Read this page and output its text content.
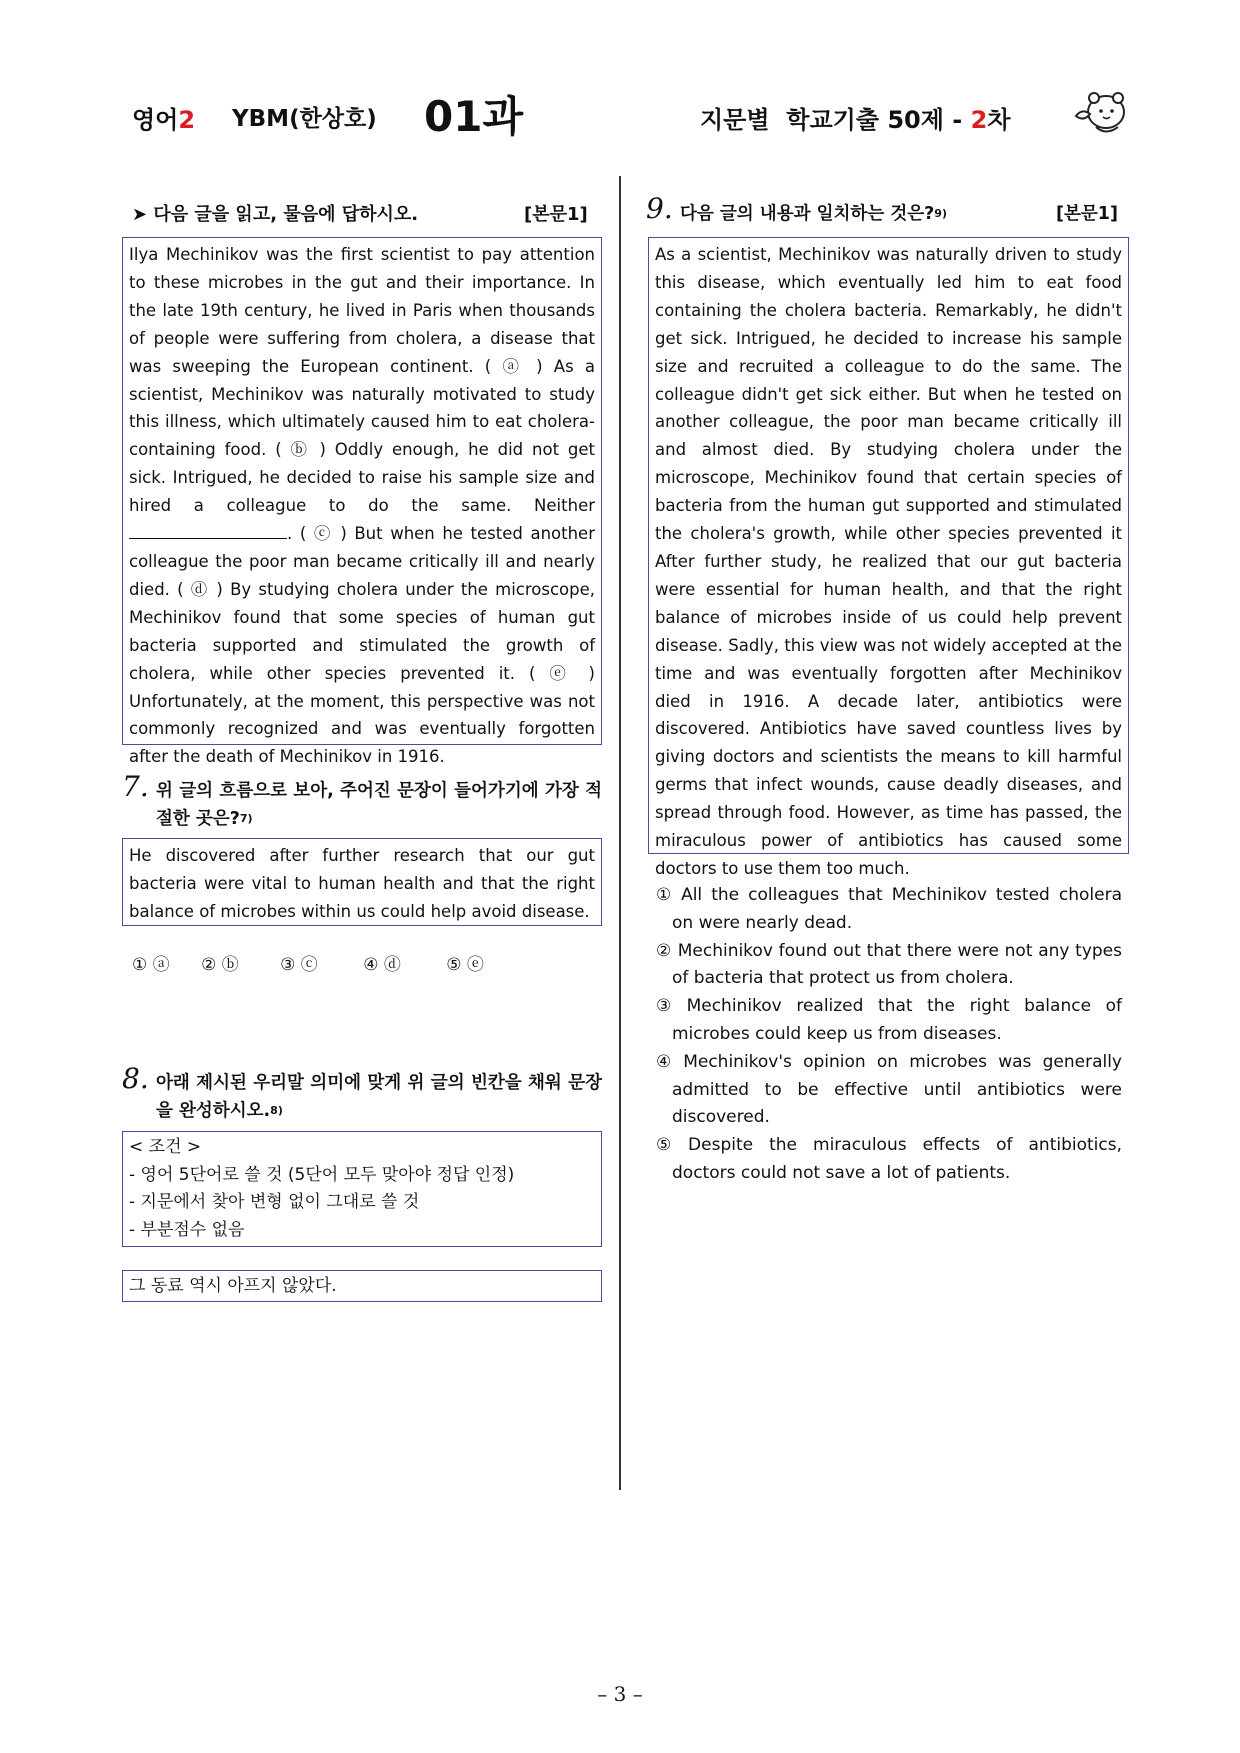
영어2 YBM(한상호) 01과	지문별  학교기출 50제 - 2차
➤ 다음 글을 읽고, 물음에 답하시오.	[본문1]
Ilya Mechinikov was the first scientist to pay attention to these microbes in the gut and their importance. In the late 19th century, he lived in Paris when thousands of people were suffering from cholera, a disease that was sweeping the European continent. ( ⓐ ) As a scientist, Mechinikov was naturally motivated to study this illness, which ultimately caused him to eat cholera-containing food. ( ⓑ ) Oddly enough, he did not get sick. Intrigued, he decided to raise his sample size and hired a colleague to do the same. Neither . ( ⓒ ) But when he tested another colleague the poor man became critically ill and nearly died. ( ⓓ ) By studying cholera under the microscope, Mechinikov found that some species of human gut bacteria supported and stimulated the growth of cholera, while other species prevented it. ( ⓔ ) Unfortunately, at the moment, this perspective was not commonly recognized and was eventually forgotten after the death of Mechinikov in 1916.
7. 위 글의 흐름으로 보아, 주어진 문장이 들어가기에 가장 적절한 곳은?$^{7)}$
He discovered after further research that our gut bacteria were vital to human health and that the right balance of microbes within us could help avoid disease.
① ⓐ ② ⓑ ③ ⓒ	④ ⓓ	⑤ ⓔ
8. 아래 제시된 우리말 의미에 맞게 위 글의 빈칸을 채워 문장을 완성하시오.$^{8)}$
< 조건 >
- 영어 5단어로 쓸 것 (5단어 모두 맞아야 정답 인정)
- 지문에서 찾아 변형 없이 그대로 쓸 것
- 부분점수 없음
그 동료 역시 아프지 않았다.
9. 다음 글의 내용과 일치하는 것은?$^{9)}$	[본문1]
As a scientist, Mechinikov was naturally driven to study this disease, which eventually led him to eat food containing the cholera bacteria. Remarkably, he didn't get sick. Intrigued, he decided to increase his sample size and recruited a colleague to do the same. The colleague didn't get sick either. But when he tested on another colleague, the poor man became critically ill and almost died. By studying cholera under the microscope, Mechinikov found that certain species of bacteria from the human gut supported and stimulated the cholera's growth, while other species prevented it After further study, he realized that our gut bacteria were essential for human health, and that the right balance of microbes inside of us could help prevent disease. Sadly, this view was not widely accepted at the time and was eventually forgotten after Mechinikov died in 1916. A decade later, antibiotics were discovered. Antibiotics have saved countless lives by giving doctors and scientists the means to kill harmful germs that infect wounds, cause deadly diseases, and spread through food. However, as time has passed, the miraculous power of antibiotics has caused some doctors to use them too much.
① All the colleagues that Mechinikov tested cholera on were nearly dead.
② Mechinikov found out that there were not any types of bacteria that protect us from cholera.
③ Mechinikov realized that the right balance of microbes could keep us from diseases.
④ Mechinikov's opinion on microbes was generally admitted to be effective until antibiotics were discovered.
⑤ Despite the miraculous effects of antibiotics, doctors could not save a lot of patients.
– 3 –
